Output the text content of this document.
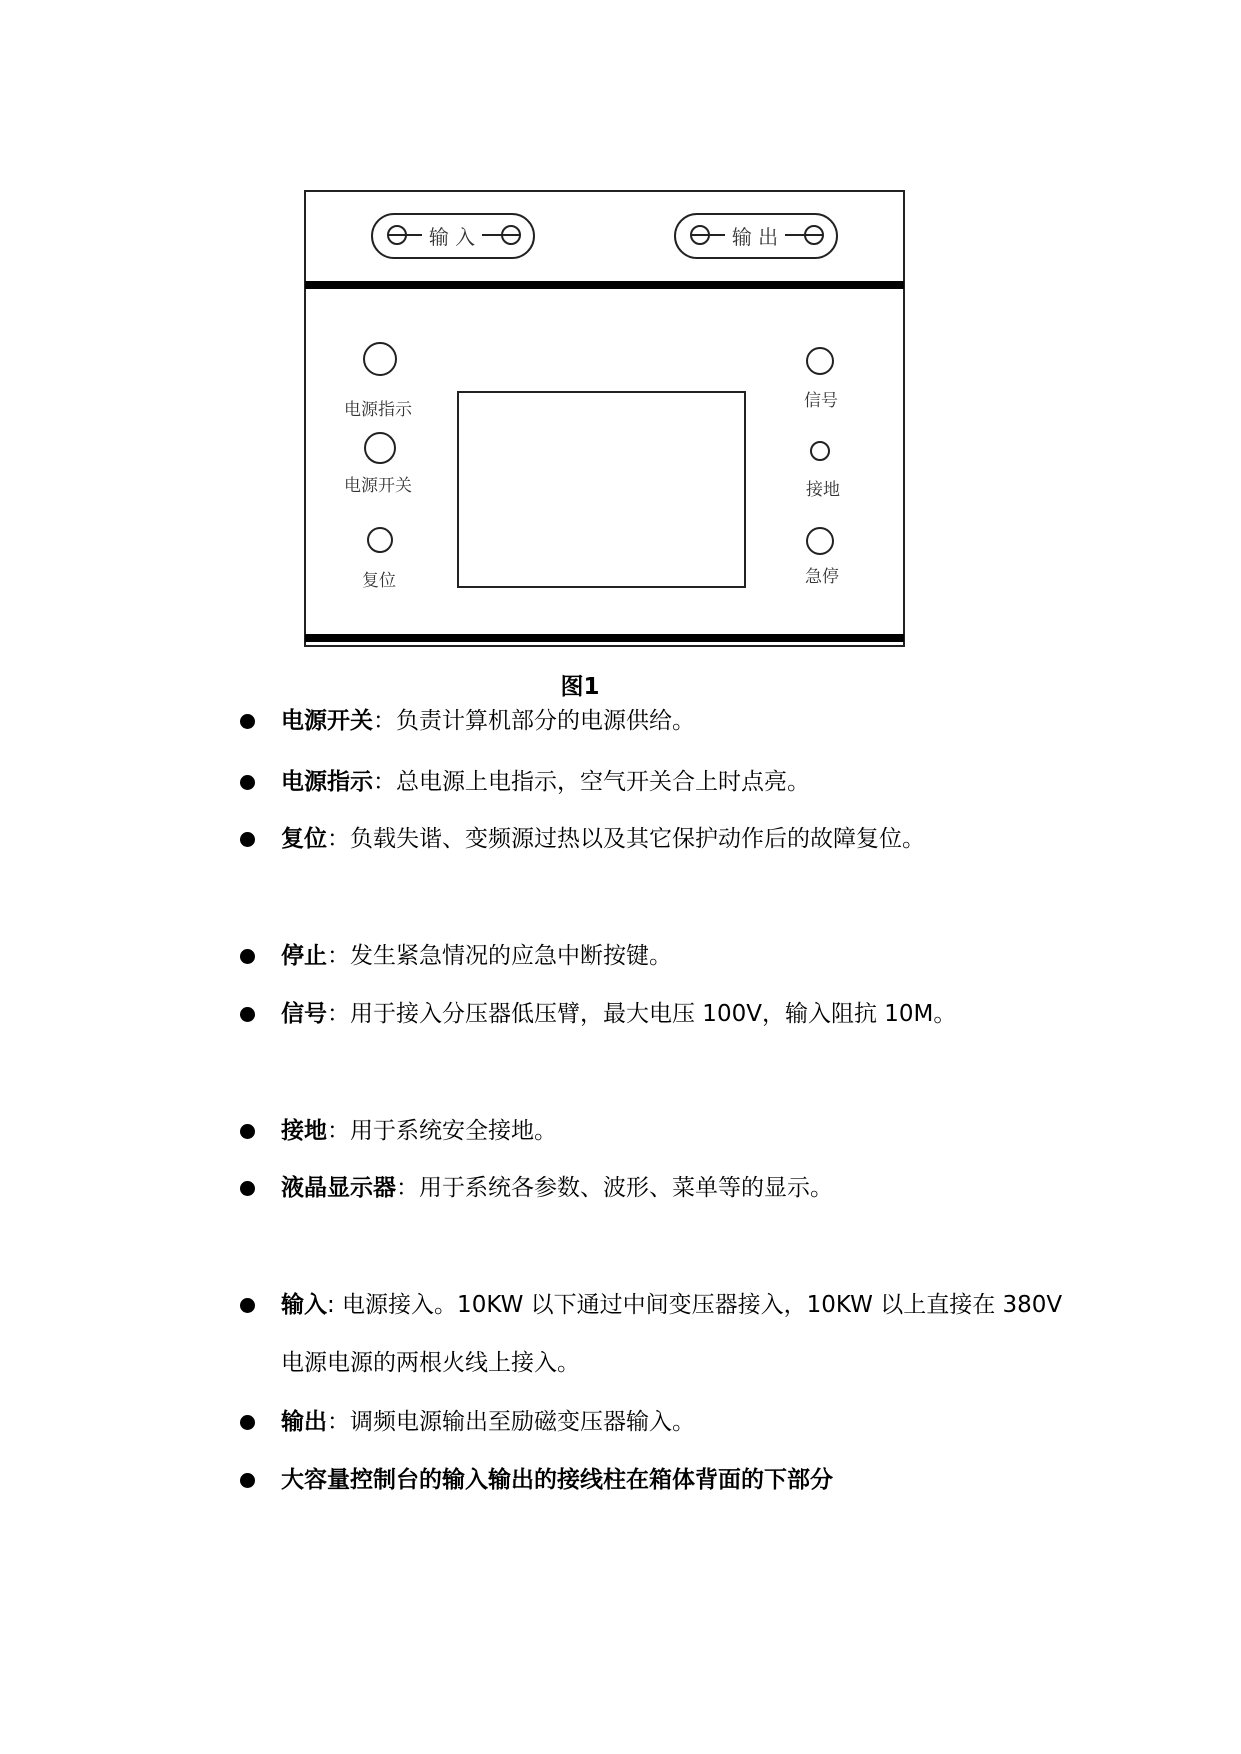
输 入	输 出
电源指示
电源开关
复位
信号
接地
急停
图1
电源开关：负责计算机部分的电源供给。
电源指示：总电源上电指示，空气开关合上时点亮。
复位：负载失谐、变频源过热以及其它保护动作后的故障复位。
停止：发生紧急情况的应急中断按键。
信号：用于接入分压器低压臂，最大电压 100V，输入阻抗 10M。
接地：用于系统安全接地。
液晶显示器：用于系统各参数、波形、菜单等的显示。
输入: 电源接入。10KW 以下通过中间变压器接入，10KW 以上直接在 380V
电源电源的两根火线上接入。
输出：调频电源输出至励磁变压器输入。
大容量控制台的输入输出的接线柱在箱体背面的下部分
